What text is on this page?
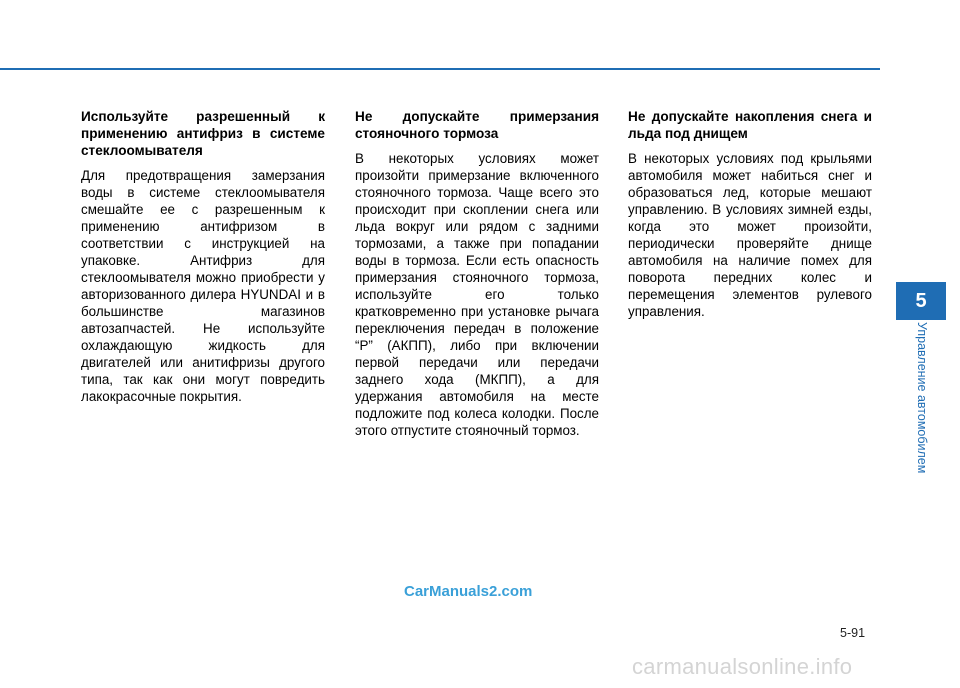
Используйте разрешенный к применению антифриз в системе стеклоомывателя

Для предотвращения замерзания воды в системе стеклоомывателя смешайте ее с разрешенным к применению антифризом в соответствии с инструкцией на упаковке. Антифриз для стеклоомывателя можно приобрести у авторизованного дилера HYUNDAI и в большинстве магазинов автозапчастей. Не используйте охлаждающую жидкость для двигателей или анитифризы другого типа, так как они могут повредить лакокрасочные покрытия.

Не допускайте примерзания стояночного тормоза

В некоторых условиях может произойти примерзание включенного стояночного тормоза. Чаще всего это происходит при скоплении снега или льда вокруг или рядом с задними тормозами, а также при попадании воды в тормоза. Если есть опасность примерзания стояночного тормоза, используйте его только кратковременно при установке рычага переключения передач в положение “P” (АКПП), либо при включении первой передачи или передачи заднего хода (МКПП), а для удержания автомобиля на месте подложите под колеса колодки. После этого отпустите стояночный тормоз.

Не допускайте накопления снега и льда под днищем

В некоторых условиях под крыльями автомобиля может набиться снег и образоваться лед, которые мешают управлению. В условиях зимней езды, когда это может произойти, периодически проверяйте днище автомобиля на наличие помех для поворота передних колес и перемещения элементов рулевого управления.	5
Управление автомобилем
CarManuals2.com
5-91
carmanualsonline.info
